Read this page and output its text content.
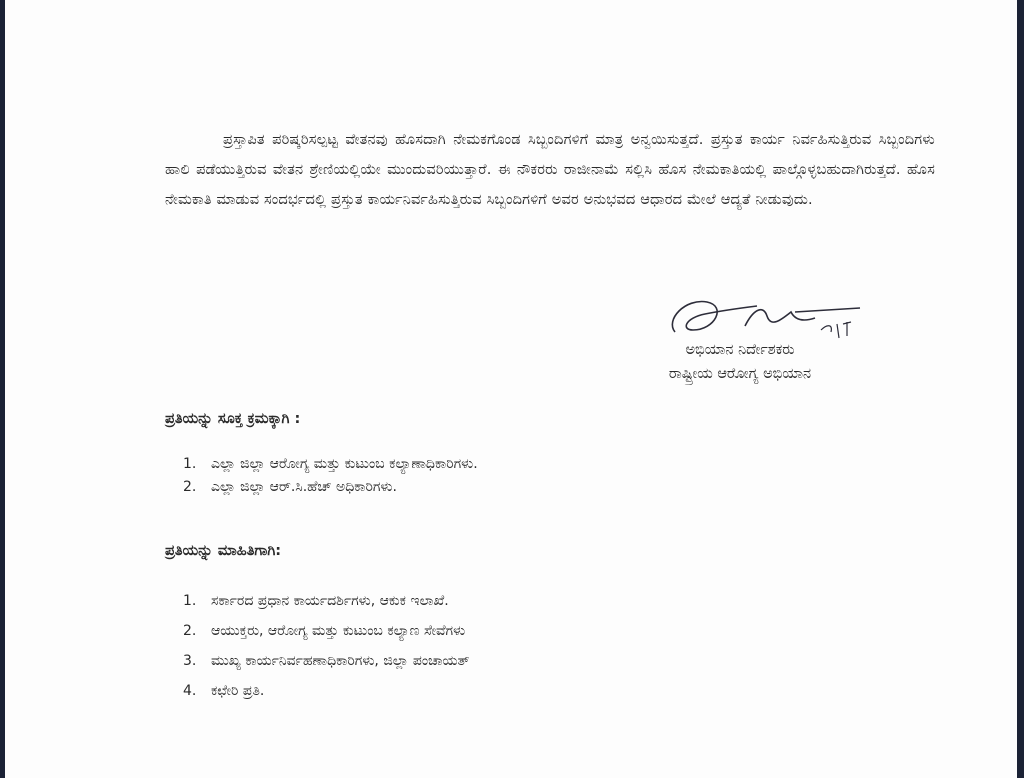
ಪ್ರಸ್ತಾಪಿತ ಪರಿಷ್ಕರಿಸಲ್ಪಟ್ಟ ವೇತನವು ಹೊಸದಾಗಿ ನೇಮಕಗೊಂಡ ಸಿಬ್ಬಂದಿಗಳಿಗೆ ಮಾತ್ರ ಅನ್ವಯಿಸುತ್ತದೆ. ಪ್ರಸ್ತುತ ಕಾರ್ಯ ನಿರ್ವಹಿಸುತ್ತಿರುವ ಸಿಬ್ಬಂದಿಗಳು ಹಾಲಿ ಪಡೆಯುತ್ತಿರುವ ವೇತನ ಶ್ರೇಣಿಯಲ್ಲಿಯೇ ಮುಂದುವರಿಯುತ್ತಾರೆ. ಈ ನೌಕರರು ರಾಜೀನಾಮೆ ಸಲ್ಲಿಸಿ ಹೊಸ ನೇಮಕಾತಿಯಲ್ಲಿ ಪಾಲ್ಗೊಳ್ಳಬಹುದಾಗಿರುತ್ತದೆ. ಹೊಸ ನೇಮಕಾತಿ ಮಾಡುವ ಸಂದರ್ಭದಲ್ಲಿ ಪ್ರಸ್ತುತ ಕಾರ್ಯನಿರ್ವಹಿಸುತ್ತಿರುವ ಸಿಬ್ಬಂದಿಗಳಿಗೆ ಅವರ ಅನುಭವದ ಆಧಾರದ ಮೇಲೆ ಆದ್ಯತೆ ನೀಡುವುದು.
ಅಭಿಯಾನ ನಿರ್ದೇಶಕರು
ರಾಷ್ಟ್ರೀಯ ಆರೋಗ್ಯ ಅಭಿಯಾನ
ಪ್ರತಿಯನ್ನು ಸೂಕ್ತ ಕ್ರಮಕ್ಕಾಗಿ :
1.	ಎಲ್ಲಾ ಜಿಲ್ಲಾ ಆರೋಗ್ಯ ಮತ್ತು ಕುಟುಂಬ ಕಲ್ಯಾಣಾಧಿಕಾರಿಗಳು.
2.	ಎಲ್ಲಾ ಜಿಲ್ಲಾ ಆರ್.ಸಿ.ಹೆಚ್ ಅಧಿಕಾರಿಗಳು.
ಪ್ರತಿಯನ್ನು ಮಾಹಿತಿಗಾಗಿ:
1.	ಸರ್ಕಾರದ ಪ್ರಧಾನ ಕಾರ್ಯದರ್ಶಿಗಳು, ಆಕುಕ ಇಲಾಖೆ.
2.	ಆಯುಕ್ತರು, ಆರೋಗ್ಯ ಮತ್ತು ಕುಟುಂಬ ಕಲ್ಯಾಣ ಸೇವೆಗಳು
3.	ಮುಖ್ಯ ಕಾರ್ಯನಿರ್ವಹಣಾಧಿಕಾರಿಗಳು, ಜಿಲ್ಲಾ ಪಂಚಾಯತ್
4.	ಕಛೇರಿ ಪ್ರತಿ.
